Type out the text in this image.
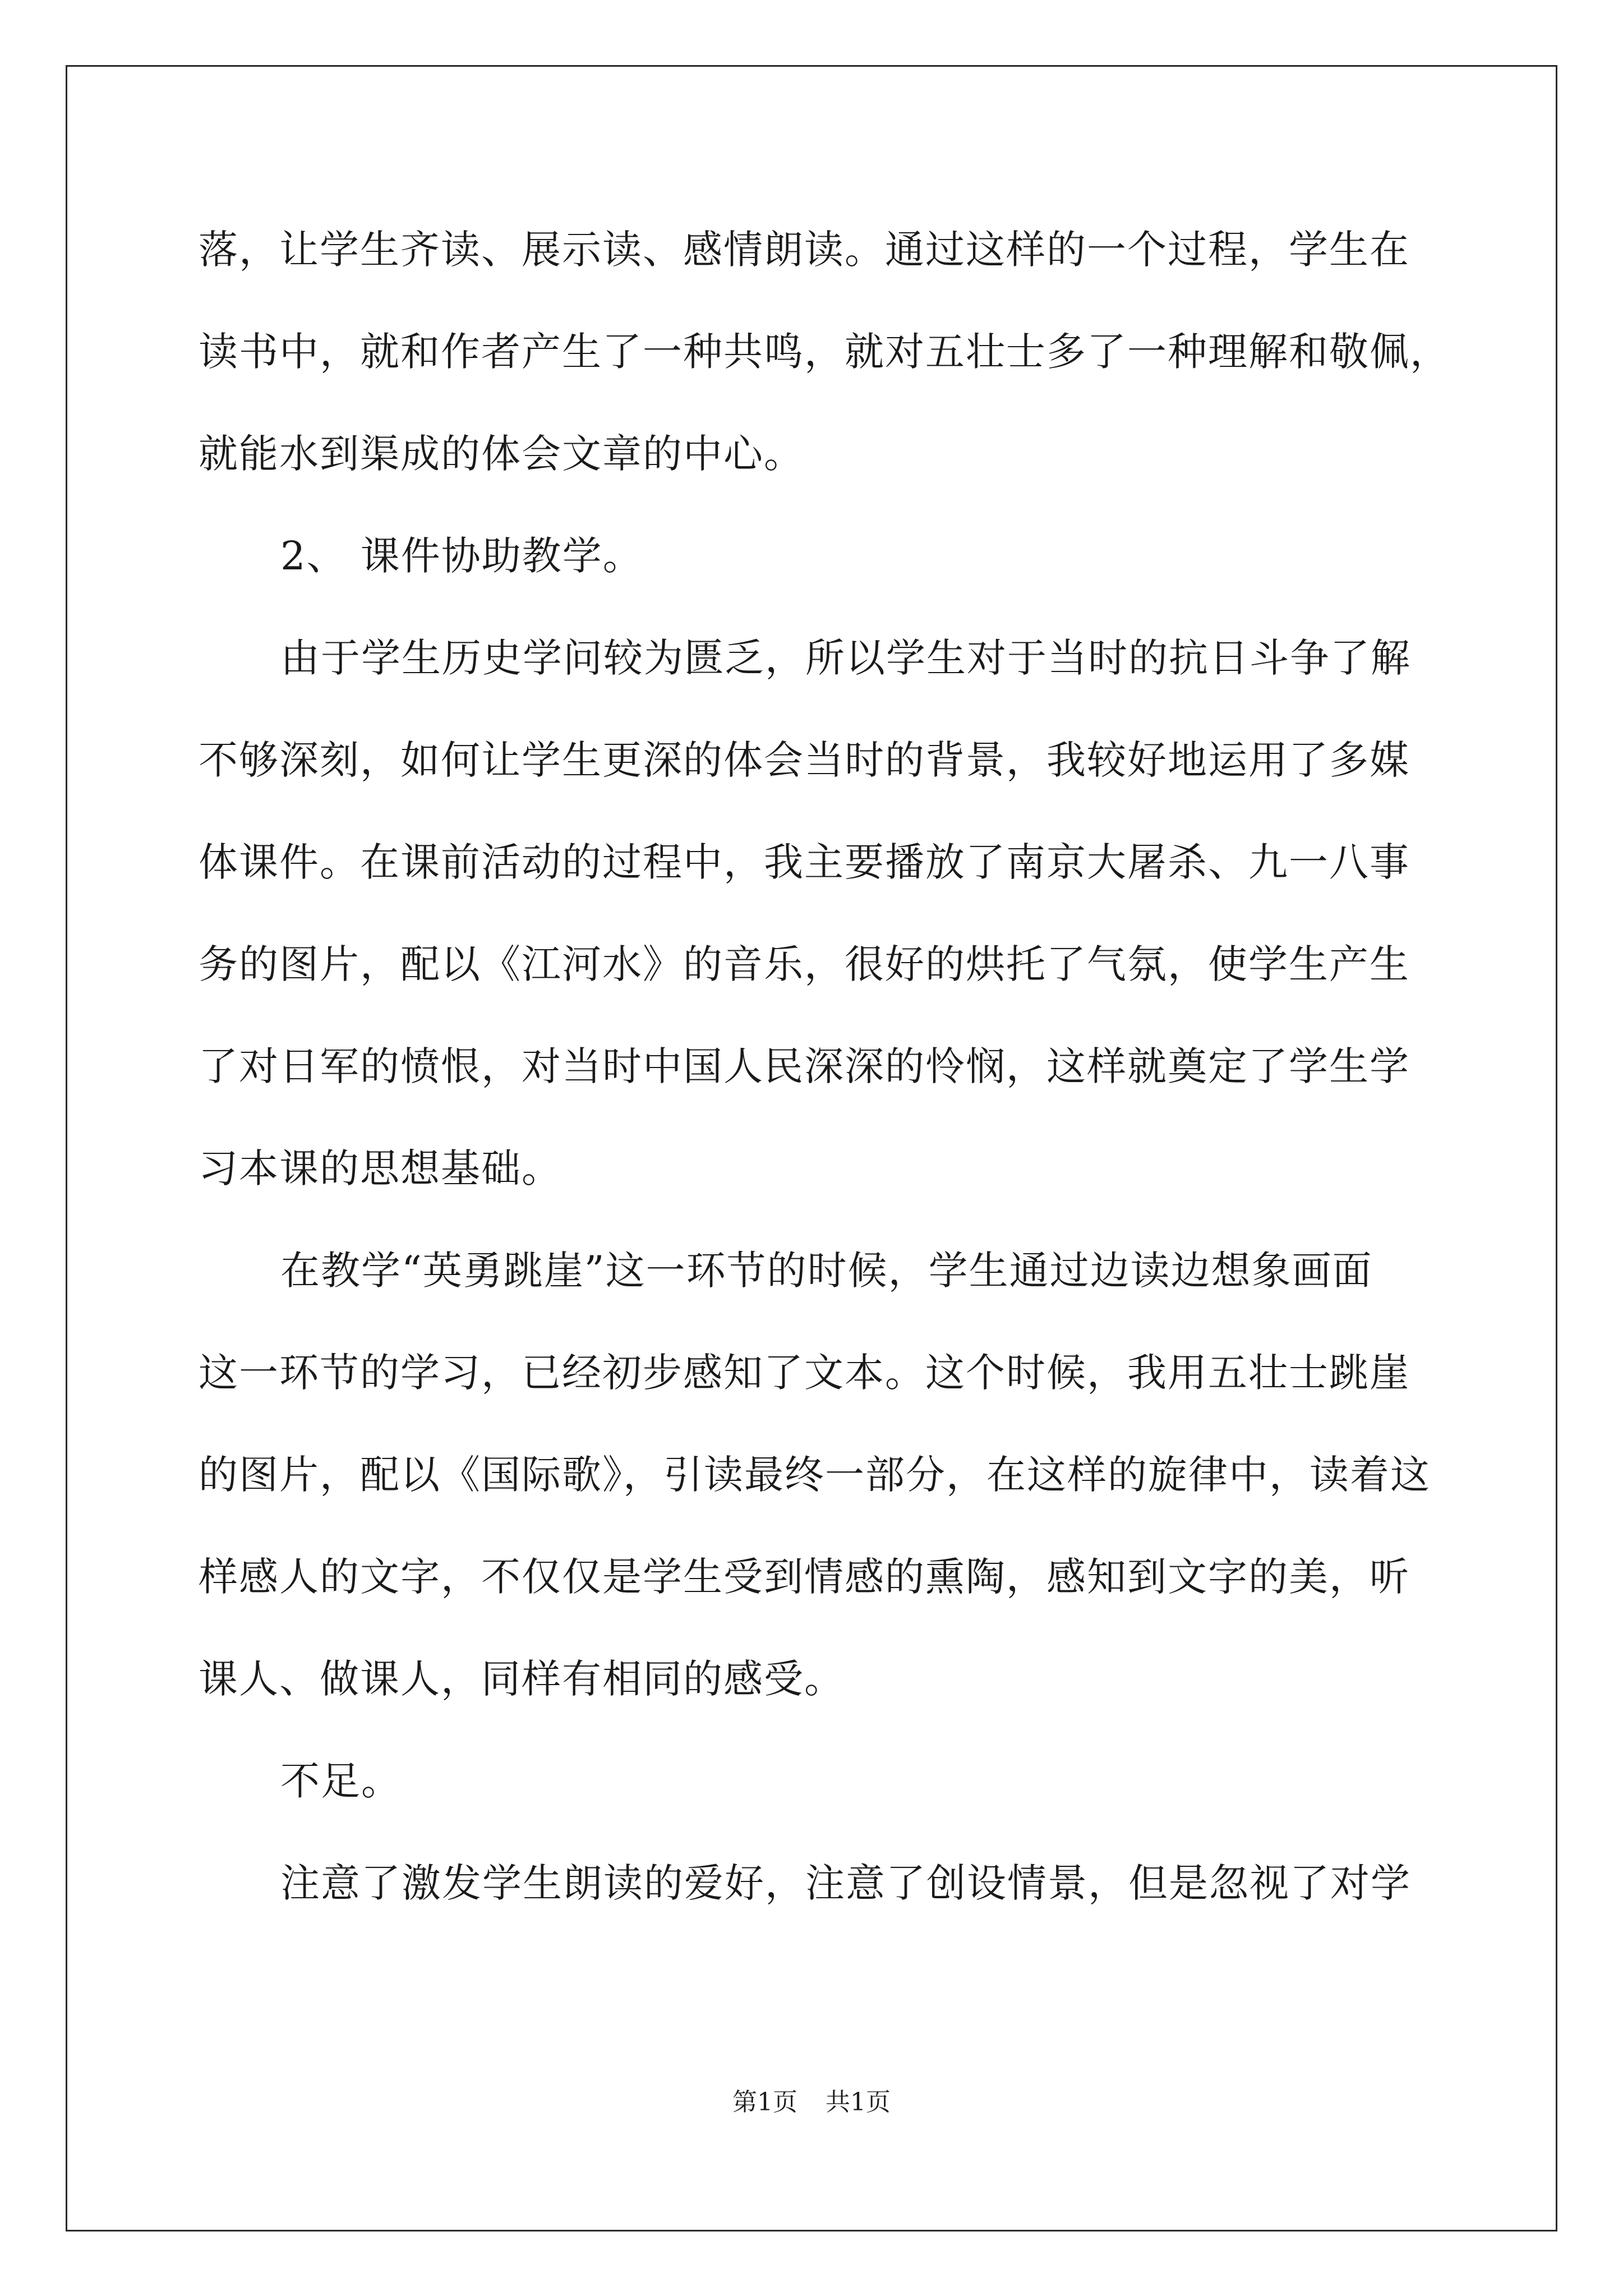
落，让学生齐读、展示读、感情朗读。通过这样的一个过程，学生在
读书中，就和作者产生了一种共鸣，就对五壮士多了一种理解和敬佩，
就能水到渠成的体会文章的中心。
2、 课件协助教学。
由于学生历史学问较为匮乏，所以学生对于当时的抗日斗争了解
不够深刻，如何让学生更深的体会当时的背景，我较好地运用了多媒
体课件。在课前活动的过程中，我主要播放了南京大屠杀、九一八事
务的图片，配以《江河水》的音乐，很好的烘托了气氛，使学生产生
了对日军的愤恨，对当时中国人民深深的怜悯，这样就奠定了学生学
习本课的思想基础。
在教学“英勇跳崖”这一环节的时候，学生通过边读边想象画面
这一环节的学习，已经初步感知了文本。这个时候，我用五壮士跳崖
的图片，配以《国际歌》，引读最终一部分，在这样的旋律中，读着这
样感人的文字，不仅仅是学生受到情感的熏陶，感知到文字的美，听
课人、做课人，同样有相同的感受。
不足。
注意了激发学生朗读的爱好，注意了创设情景，但是忽视了对学
第1页 共1页
